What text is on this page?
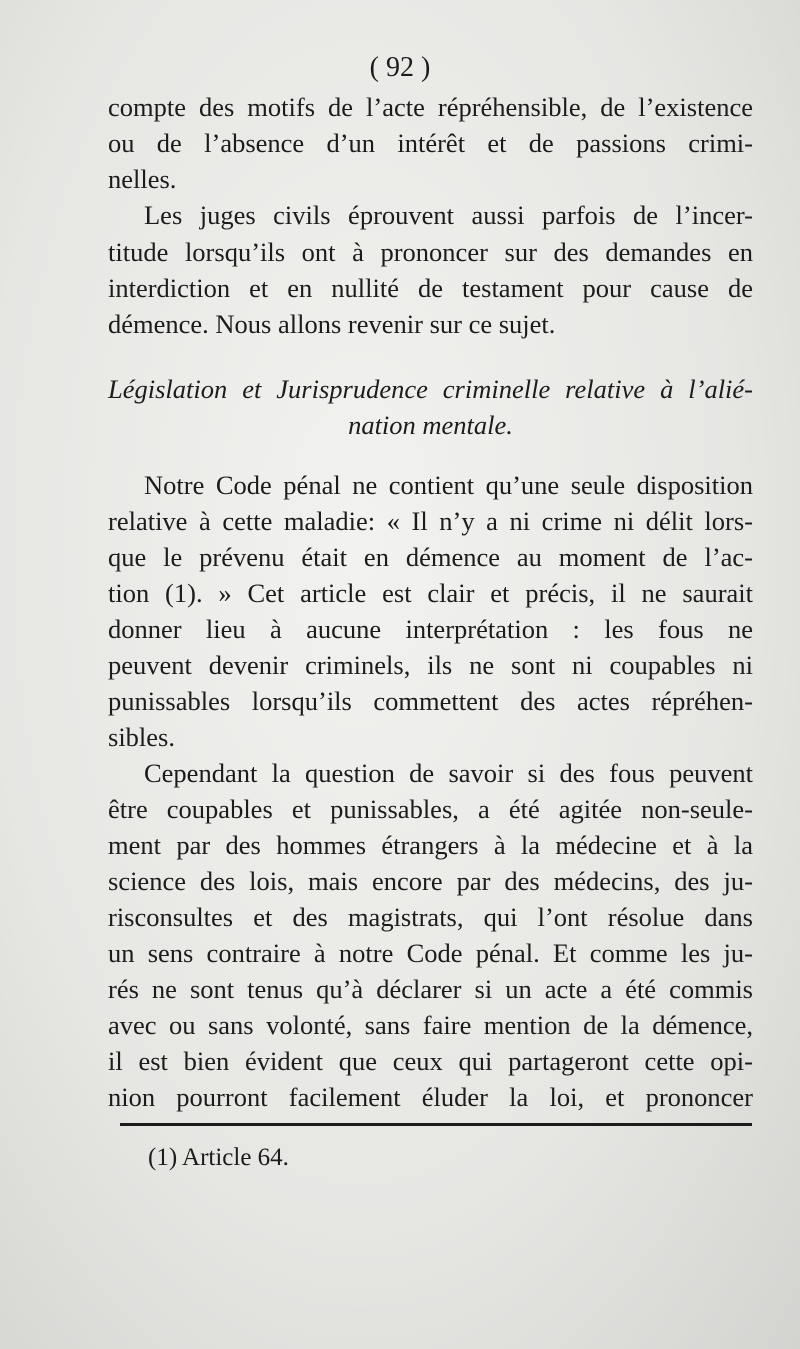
( 92 )
compte des motifs de l’acte répréhensible, de l’existence
ou de l’absence d’un intérêt et de passions crimi-
nelles.
Les juges civils éprouvent aussi parfois de l’incer-
titude lorsqu’ils ont à prononcer sur des demandes en
interdiction et en nullité de testament pour cause de
démence. Nous allons revenir sur ce sujet.
Législation et Jurisprudence criminelle relative à l’alié-
nation mentale.
Notre Code pénal ne contient qu’une seule disposition
relative à cette maladie: « Il n’y a ni crime ni délit lors-
que le prévenu était en démence au moment de l’ac-
tion (1). » Cet article est clair et précis, il ne saurait
donner lieu à aucune interprétation : les fous ne
peuvent devenir criminels, ils ne sont ni coupables ni
punissables lorsqu’ils commettent des actes répréhen-
sibles.
Cependant la question de savoir si des fous peuvent
être coupables et punissables, a été agitée non-seule-
ment par des hommes étrangers à la médecine et à la
science des lois, mais encore par des médecins, des ju-
risconsultes et des magistrats, qui l’ont résolue dans
un sens contraire à notre Code pénal. Et comme les ju-
rés ne sont tenus qu’à déclarer si un acte a été commis
avec ou sans volonté, sans faire mention de la démence,
il est bien évident que ceux qui partageront cette opi-
nion pourront facilement éluder la loi, et prononcer
(1) Article 64.
